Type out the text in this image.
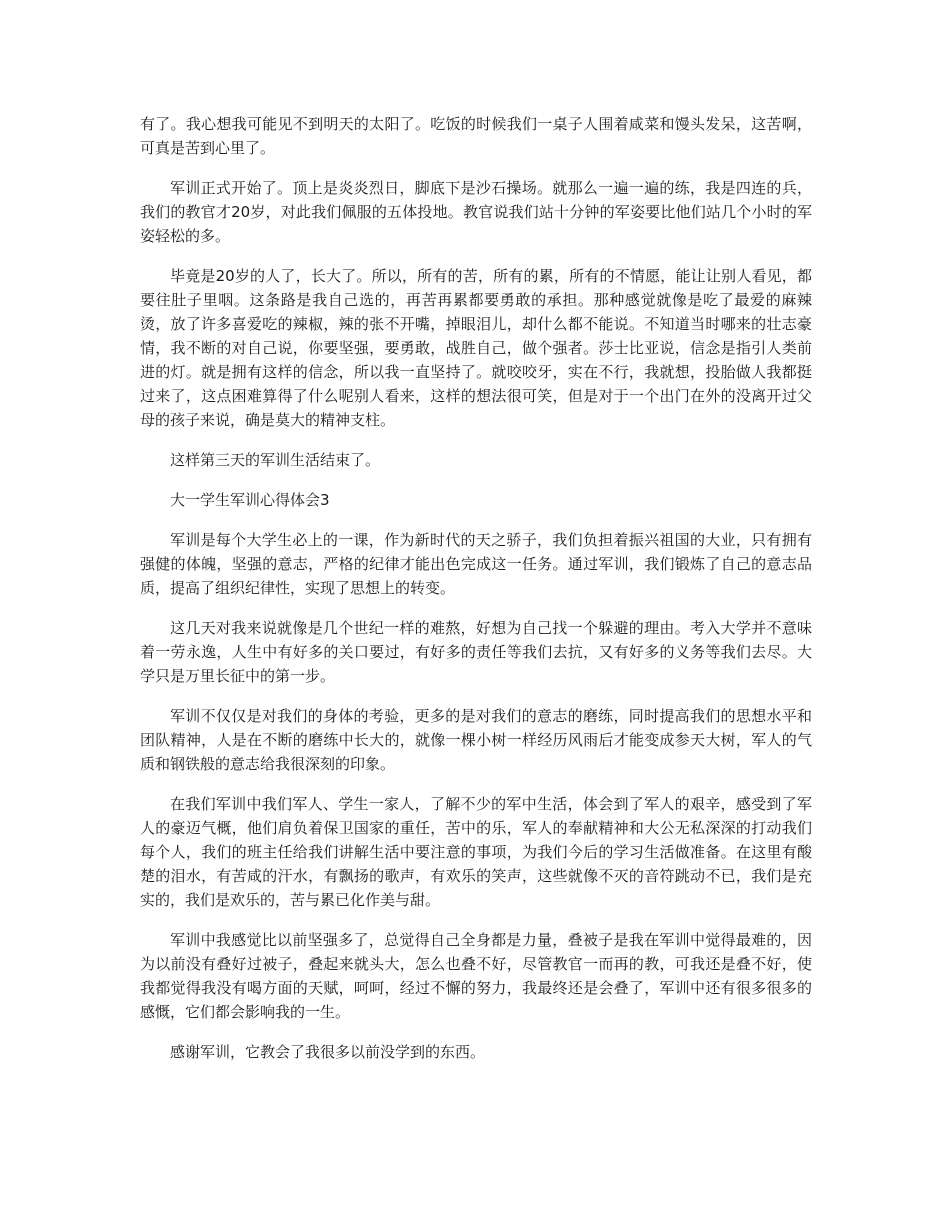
有了。我心想我可能见不到明天的太阳了。吃饭的时候我们一桌子人围着咸菜和馒头发呆，这苦啊，可真是苦到心里了。

军训正式开始了。顶上是炎炎烈日，脚底下是沙石操场。就那么一遍一遍的练，我是四连的兵，我们的教官才20岁，对此我们佩服的五体投地。教官说我们站十分钟的军姿要比他们站几个小时的军姿轻松的多。

毕竟是20岁的人了，长大了。所以，所有的苦，所有的累，所有的不情愿，能让让别人看见，都要往肚子里咽。这条路是我自己选的，再苦再累都要勇敢的承担。那种感觉就像是吃了最爱的麻辣烫，放了许多喜爱吃的辣椒，辣的张不开嘴，掉眼泪儿，却什么都不能说。不知道当时哪来的壮志豪情，我不断的对自己说，你要坚强，要勇敢，战胜自己，做个强者。莎士比亚说，信念是指引人类前进的灯。就是拥有这样的信念，所以我一直坚持了。就咬咬牙，实在不行，我就想，投胎做人我都挺过来了，这点困难算得了什么呢别人看来，这样的想法很可笑，但是对于一个出门在外的没离开过父母的孩子来说，确是莫大的精神支柱。

这样第三天的军训生活结束了。

大一学生军训心得体会3

军训是每个大学生必上的一课，作为新时代的天之骄子，我们负担着振兴祖国的大业，只有拥有强健的体魄，坚强的意志，严格的纪律才能出色完成这一任务。通过军训，我们锻炼了自己的意志品质，提高了组织纪律性，实现了思想上的转变。

这几天对我来说就像是几个世纪一样的难熬，好想为自己找一个躲避的理由。考入大学并不意味着一劳永逸，人生中有好多的关口要过，有好多的责任等我们去抗，又有好多的义务等我们去尽。大学只是万里长征中的第一步。

军训不仅仅是对我们的身体的考验，更多的是对我们的意志的磨练，同时提高我们的思想水平和团队精神，人是在不断的磨练中长大的，就像一棵小树一样经历风雨后才能变成参天大树，军人的气质和钢铁般的意志给我很深刻的印象。

在我们军训中我们军人、学生一家人，了解不少的军中生活，体会到了军人的艰辛，感受到了军人的豪迈气概，他们肩负着保卫国家的重任，苦中的乐，军人的奉献精神和大公无私深深的打动我们每个人，我们的班主任给我们讲解生活中要注意的事项，为我们今后的学习生活做准备。在这里有酸楚的泪水，有苦咸的汗水，有飘扬的歌声，有欢乐的笑声，这些就像不灭的音符跳动不已，我们是充实的，我们是欢乐的，苦与累已化作美与甜。

军训中我感觉比以前坚强多了，总觉得自己全身都是力量，叠被子是我在军训中觉得最难的，因为以前没有叠好过被子，叠起来就头大，怎么也叠不好，尽管教官一而再的教，可我还是叠不好，使我都觉得我没有喝方面的天赋，呵呵，经过不懈的努力，我最终还是会叠了，军训中还有很多很多的感慨，它们都会影响我的一生。

感谢军训，它教会了我很多以前没学到的东西。
